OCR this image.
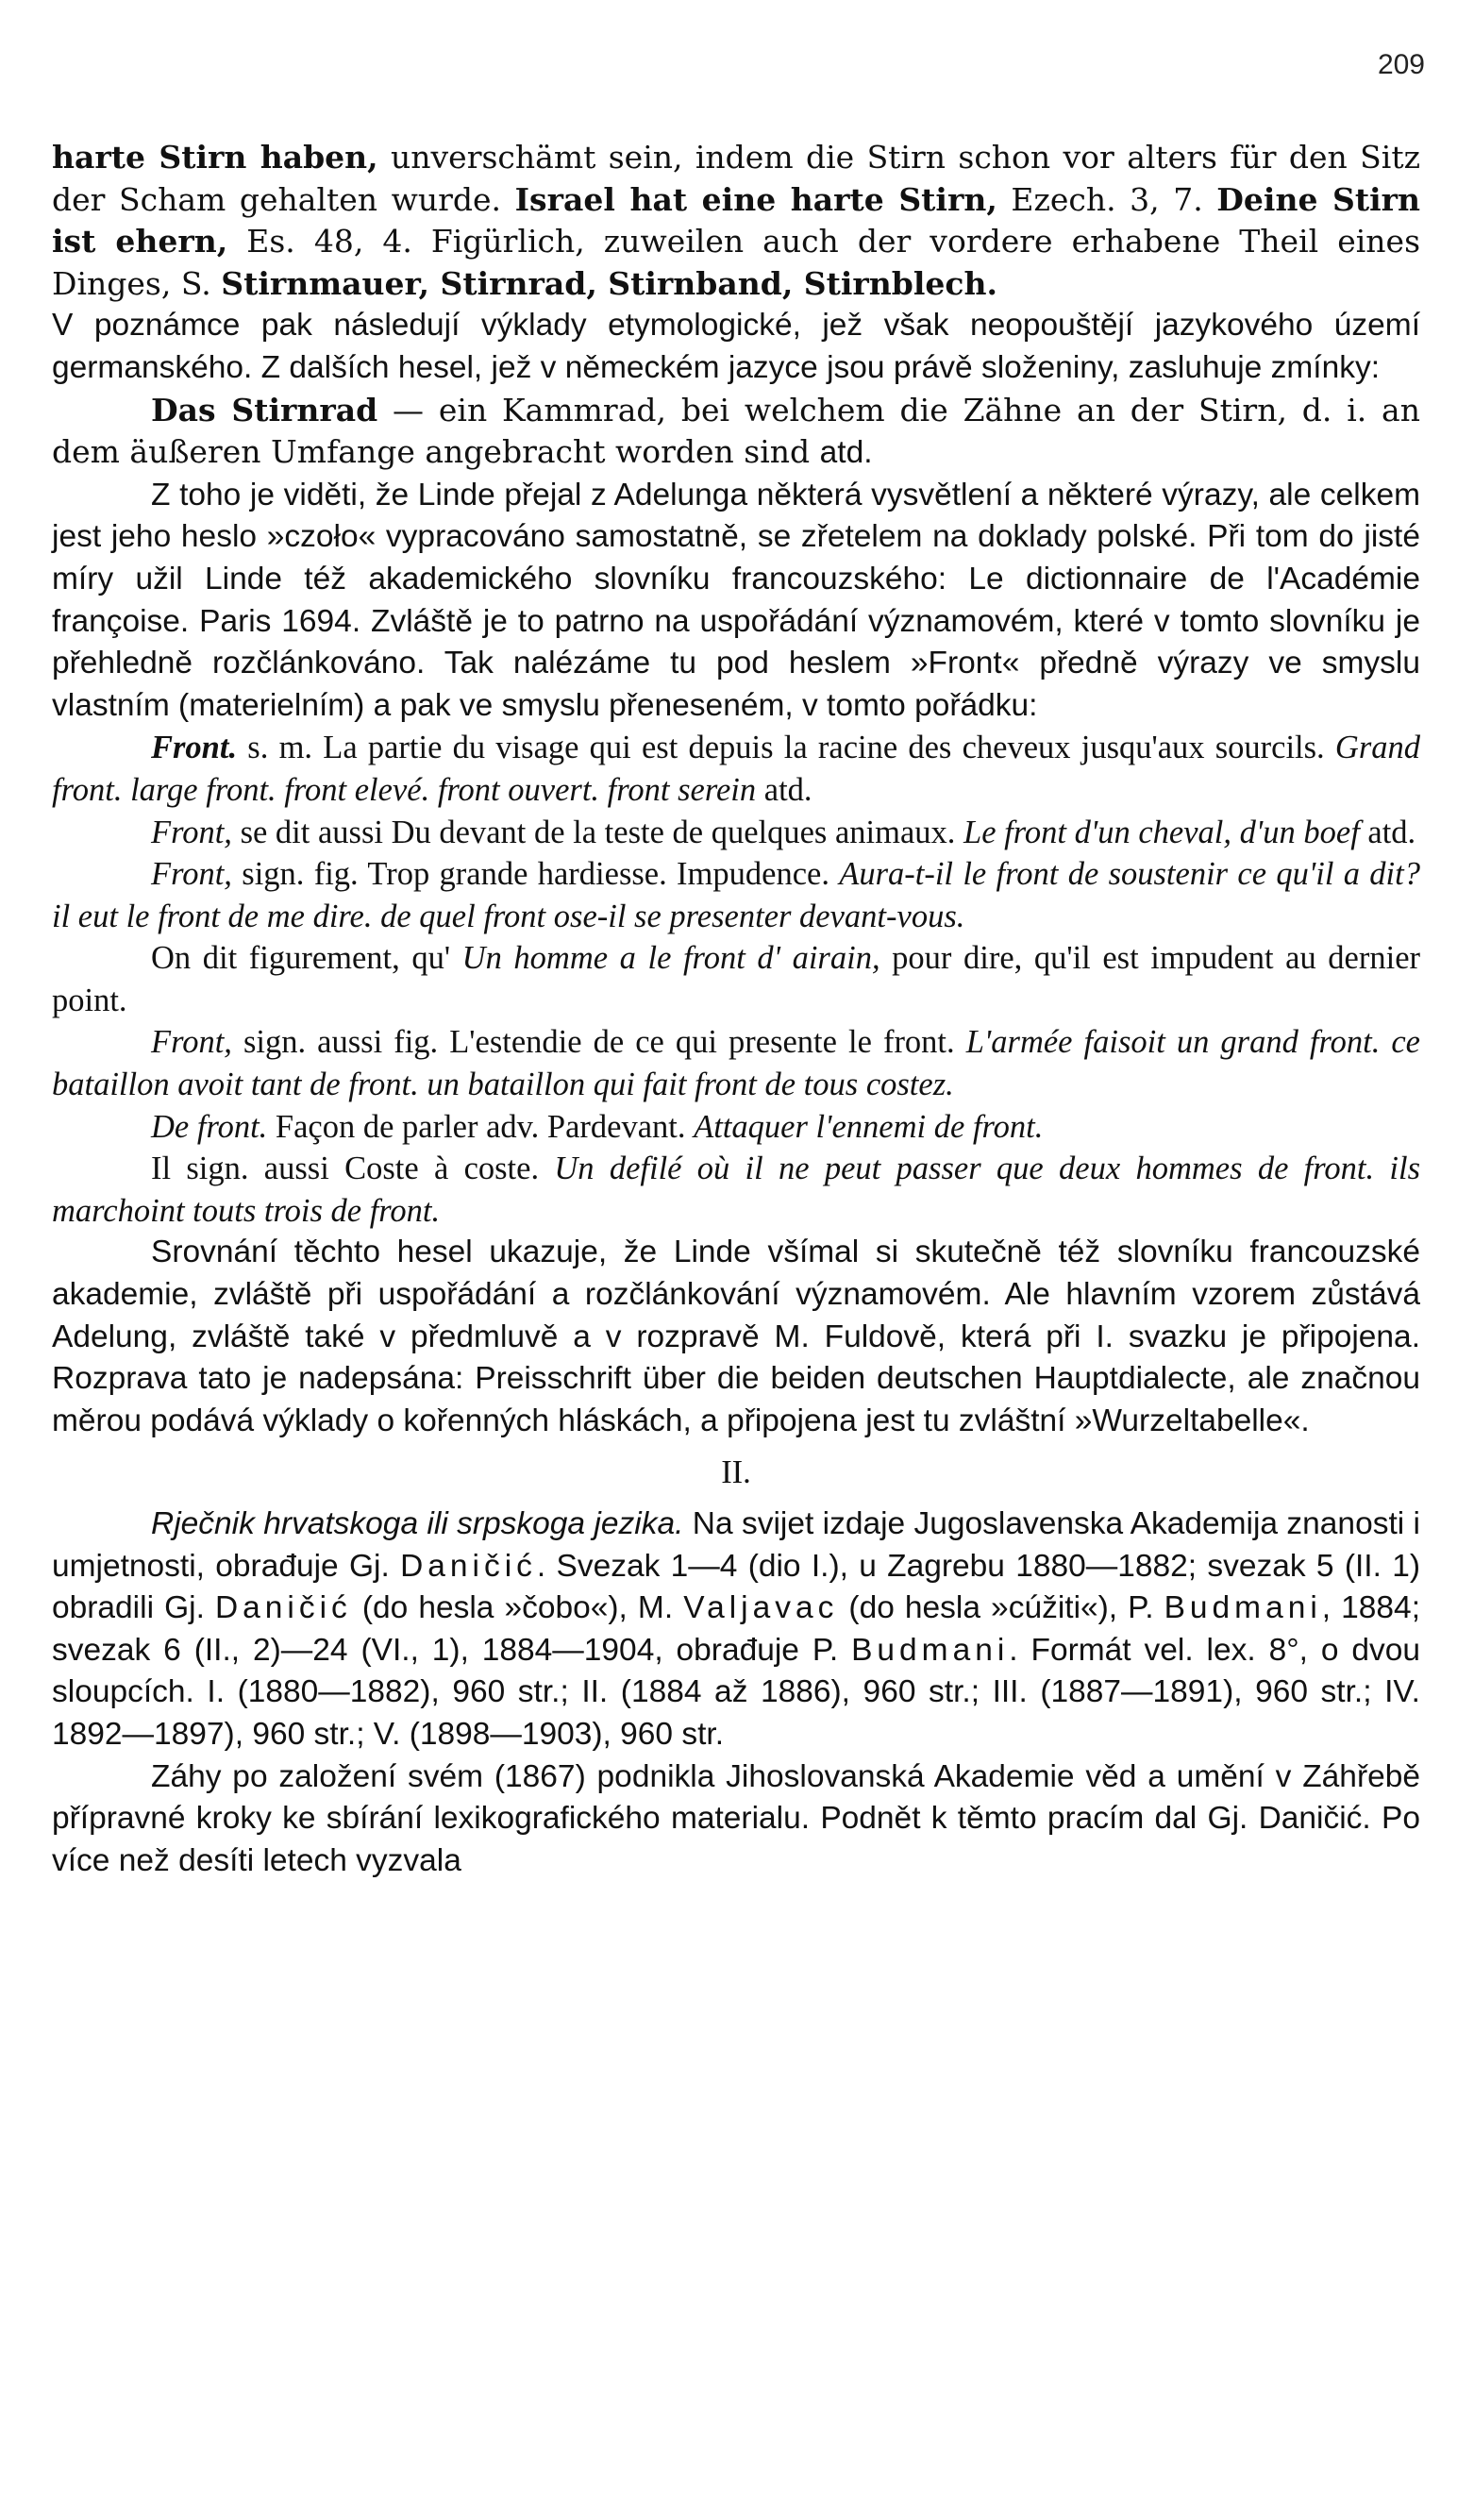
209

harte Stirn haben, unverschämt sein, indem die Stirn schon vor alters für den Sitz der Scham gehalten wurde. Israel hat eine harte Stirn, Ezech. 3, 7. Deine Stirn ist ehern, Es. 48, 4. Figürlich, zuweilen auch der vordere erhabene Theil eines Dinges, S. Stirnmauer, Stirnrad, Stirnband, Stirnblech.

V poznámce pak následují výklady etymologické, jež však neopouštějí jazykového území germanského. Z dalších hesel, jež v německém jazyce jsou právě složeniny, zasluhuje zmínky:

Das Stirnrad — ein Kammrad, bei welchem die Zähne an der Stirn, d. i. an dem äußeren Umfange angebracht worden sind atd.

Z toho je viděti, že Linde přejal z Adelunga některá vysvětlení a některé výrazy, ale celkem jest jeho heslo »czoło« vypracováno samostatně, se zřetelem na doklady polské. Při tom do jisté míry užil Linde též akademického slovníku francouzského: Le dictionnaire de l'Académie françoise. Paris 1694. Zvláště je to patrno na uspořádání významovém, které v tomto slovníku je přehledně rozčlánkováno. Tak nalézáme tu pod heslem »Front« předně výrazy ve smyslu vlastním (materielním) a pak ve smyslu přeneseném, v tomto pořádku:

Front. s. m. La partie du visage qui est depuis la racine des cheveux jusqu'aux sourcils. Grand front. large front. front elevé. front ouvert. front serein atd.

Front, se dit aussi Du devant de la teste de quelques animaux. Le front d'un cheval, d'un boef atd.

Front, sign. fig. Trop grande hardiesse. Impudence. Aura-t-il le front de soustenir ce qu'il a dit? il eut le front de me dire. de quel front ose-il se presenter devant-vous.

On dit figurement, qu' Un homme a le front d' airain, pour dire, qu'il est impudent au dernier point.

Front, sign. aussi fig. L'estendie de ce qui presente le front. L'armée faisoit un grand front. ce bataillon avoit tant de front. un bataillon qui fait front de tous costez.

De front. Façon de parler adv. Pardevant. Attaquer l'ennemi de front.

Il sign. aussi Coste à coste. Un defilé où il ne peut passer que deux hommes de front. ils marchoint touts trois de front.

Srovnání těchto hesel ukazuje, že Linde všímal si skutečně též slovníku francouzské akademie, zvláště při uspořádání a rozčlánkování významovém. Ale hlavním vzorem zůstává Adelung, zvláště také v předmluvě a v rozpravě M. Fuldově, která při I. svazku je připojena. Rozprava tato je nadepsána: Preisschrift über die beiden deutschen Hauptdialecte, ale značnou měrou podává výklady o kořenných hláskách, a připojena jest tu zvláštní »Wurzeltabelle«.

II.

Rječnik hrvatskoga ili srpskoga jezika. Na svijet izdaje Jugoslavenska Akademija znanosti i umjetnosti, obrađuje Gj. Daničić. Svezak 1—4 (dio I.), u Zagrebu 1880—1882; svezak 5 (II. 1) obradili Gj. Daničić (do hesla »čobo«), M. Valjavac (do hesla »cúžiti«), P. Budmani, 1884; svezak 6 (II., 2)—24 (VI., 1), 1884—1904, obrađuje P. Budmani. Formát vel. lex. 8°, o dvou sloupcích. I. (1880—1882), 960 str.; II. (1884 až 1886), 960 str.; III. (1887—1891), 960 str.; IV. 1892—1897), 960 str.; V. (1898—1903), 960 str.

Záhy po založení svém (1867) podnikla Jihoslovanská Akademie věd a umění v Záhřebě přípravné kroky ke sbírání lexikografického materialu. Podnět k těmto pracím dal Gj. Daničić. Po více než desíti letech vyzvala
